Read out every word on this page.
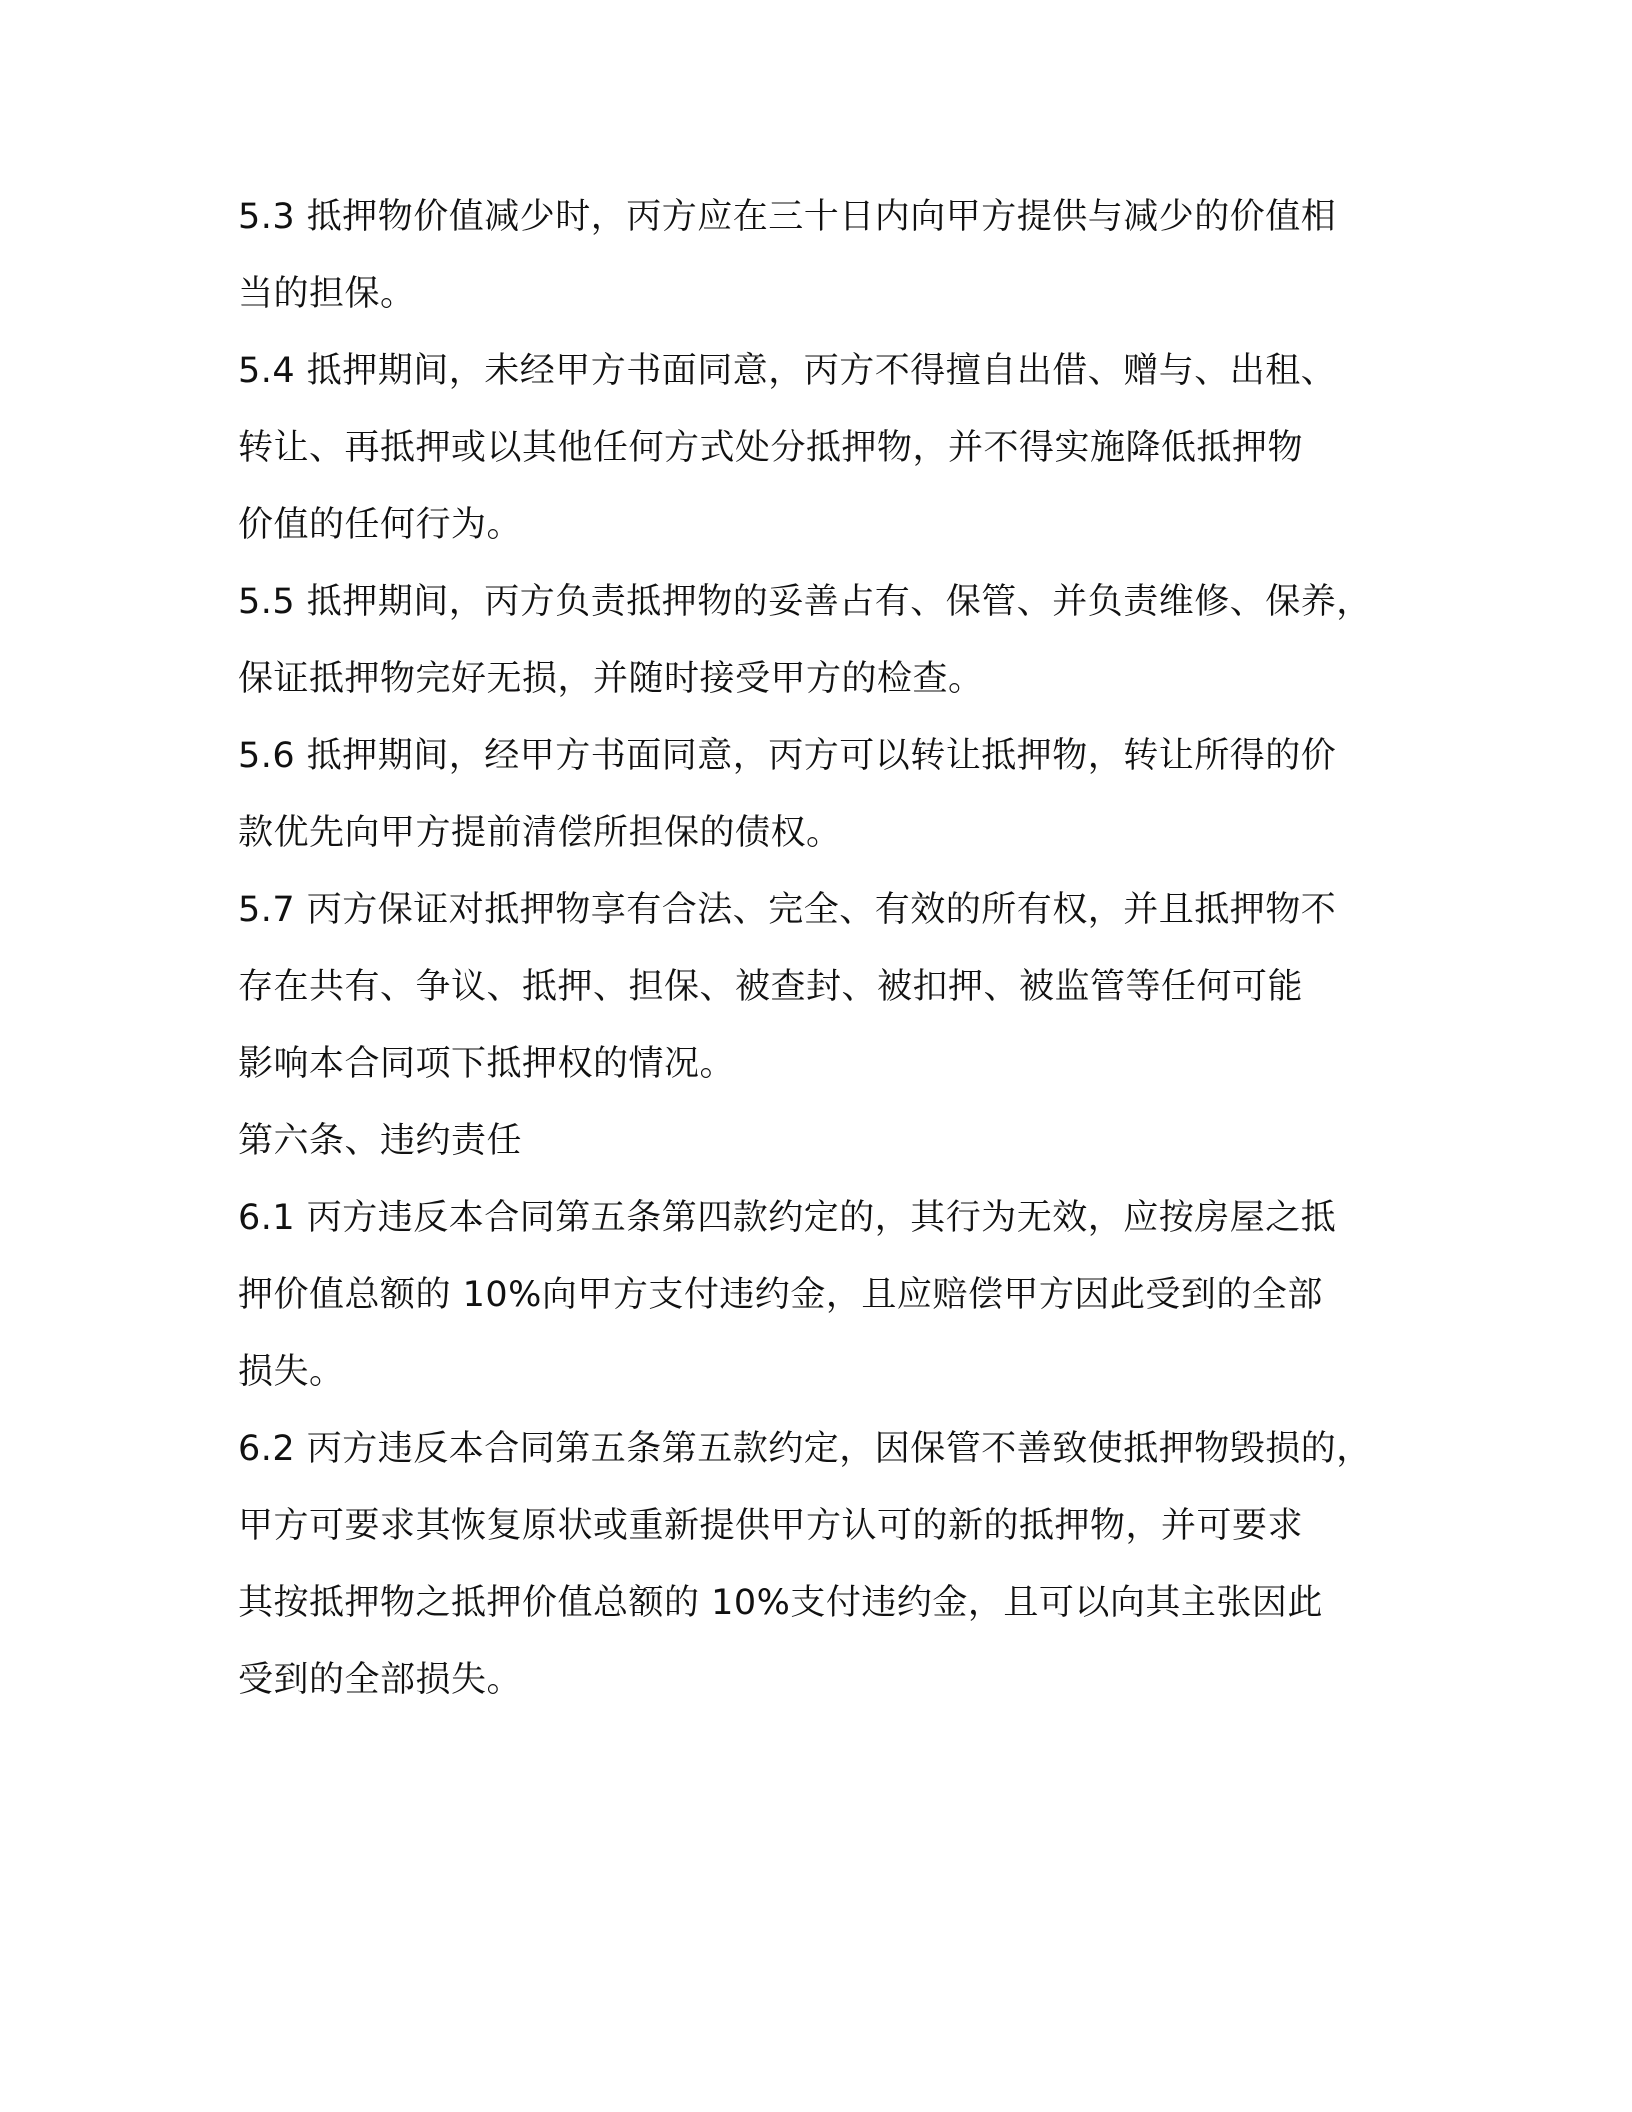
5.3 抵押物价值减少时，丙方应在三十日内向甲方提供与减少的价值相
当的担保。
5.4 抵押期间，未经甲方书面同意，丙方不得擅自出借、赠与、出租、
转让、再抵押或以其他任何方式处分抵押物，并不得实施降低抵押物
价值的任何行为。
5.5 抵押期间，丙方负责抵押物的妥善占有、保管、并负责维修、保养，
保证抵押物完好无损，并随时接受甲方的检查。
5.6 抵押期间，经甲方书面同意，丙方可以转让抵押物，转让所得的价
款优先向甲方提前清偿所担保的债权。
5.7 丙方保证对抵押物享有合法、完全、有效的所有权，并且抵押物不
存在共有、争议、抵押、担保、被查封、被扣押、被监管等任何可能
影响本合同项下抵押权的情况。
第六条、违约责任
6.1 丙方违反本合同第五条第四款约定的，其行为无效，应按房屋之抵
押价值总额的 10%向甲方支付违约金，且应赔偿甲方因此受到的全部
损失。
6.2 丙方违反本合同第五条第五款约定，因保管不善致使抵押物毁损的，
甲方可要求其恢复原状或重新提供甲方认可的新的抵押物，并可要求
其按抵押物之抵押价值总额的 10%支付违约金，且可以向其主张因此
受到的全部损失。
